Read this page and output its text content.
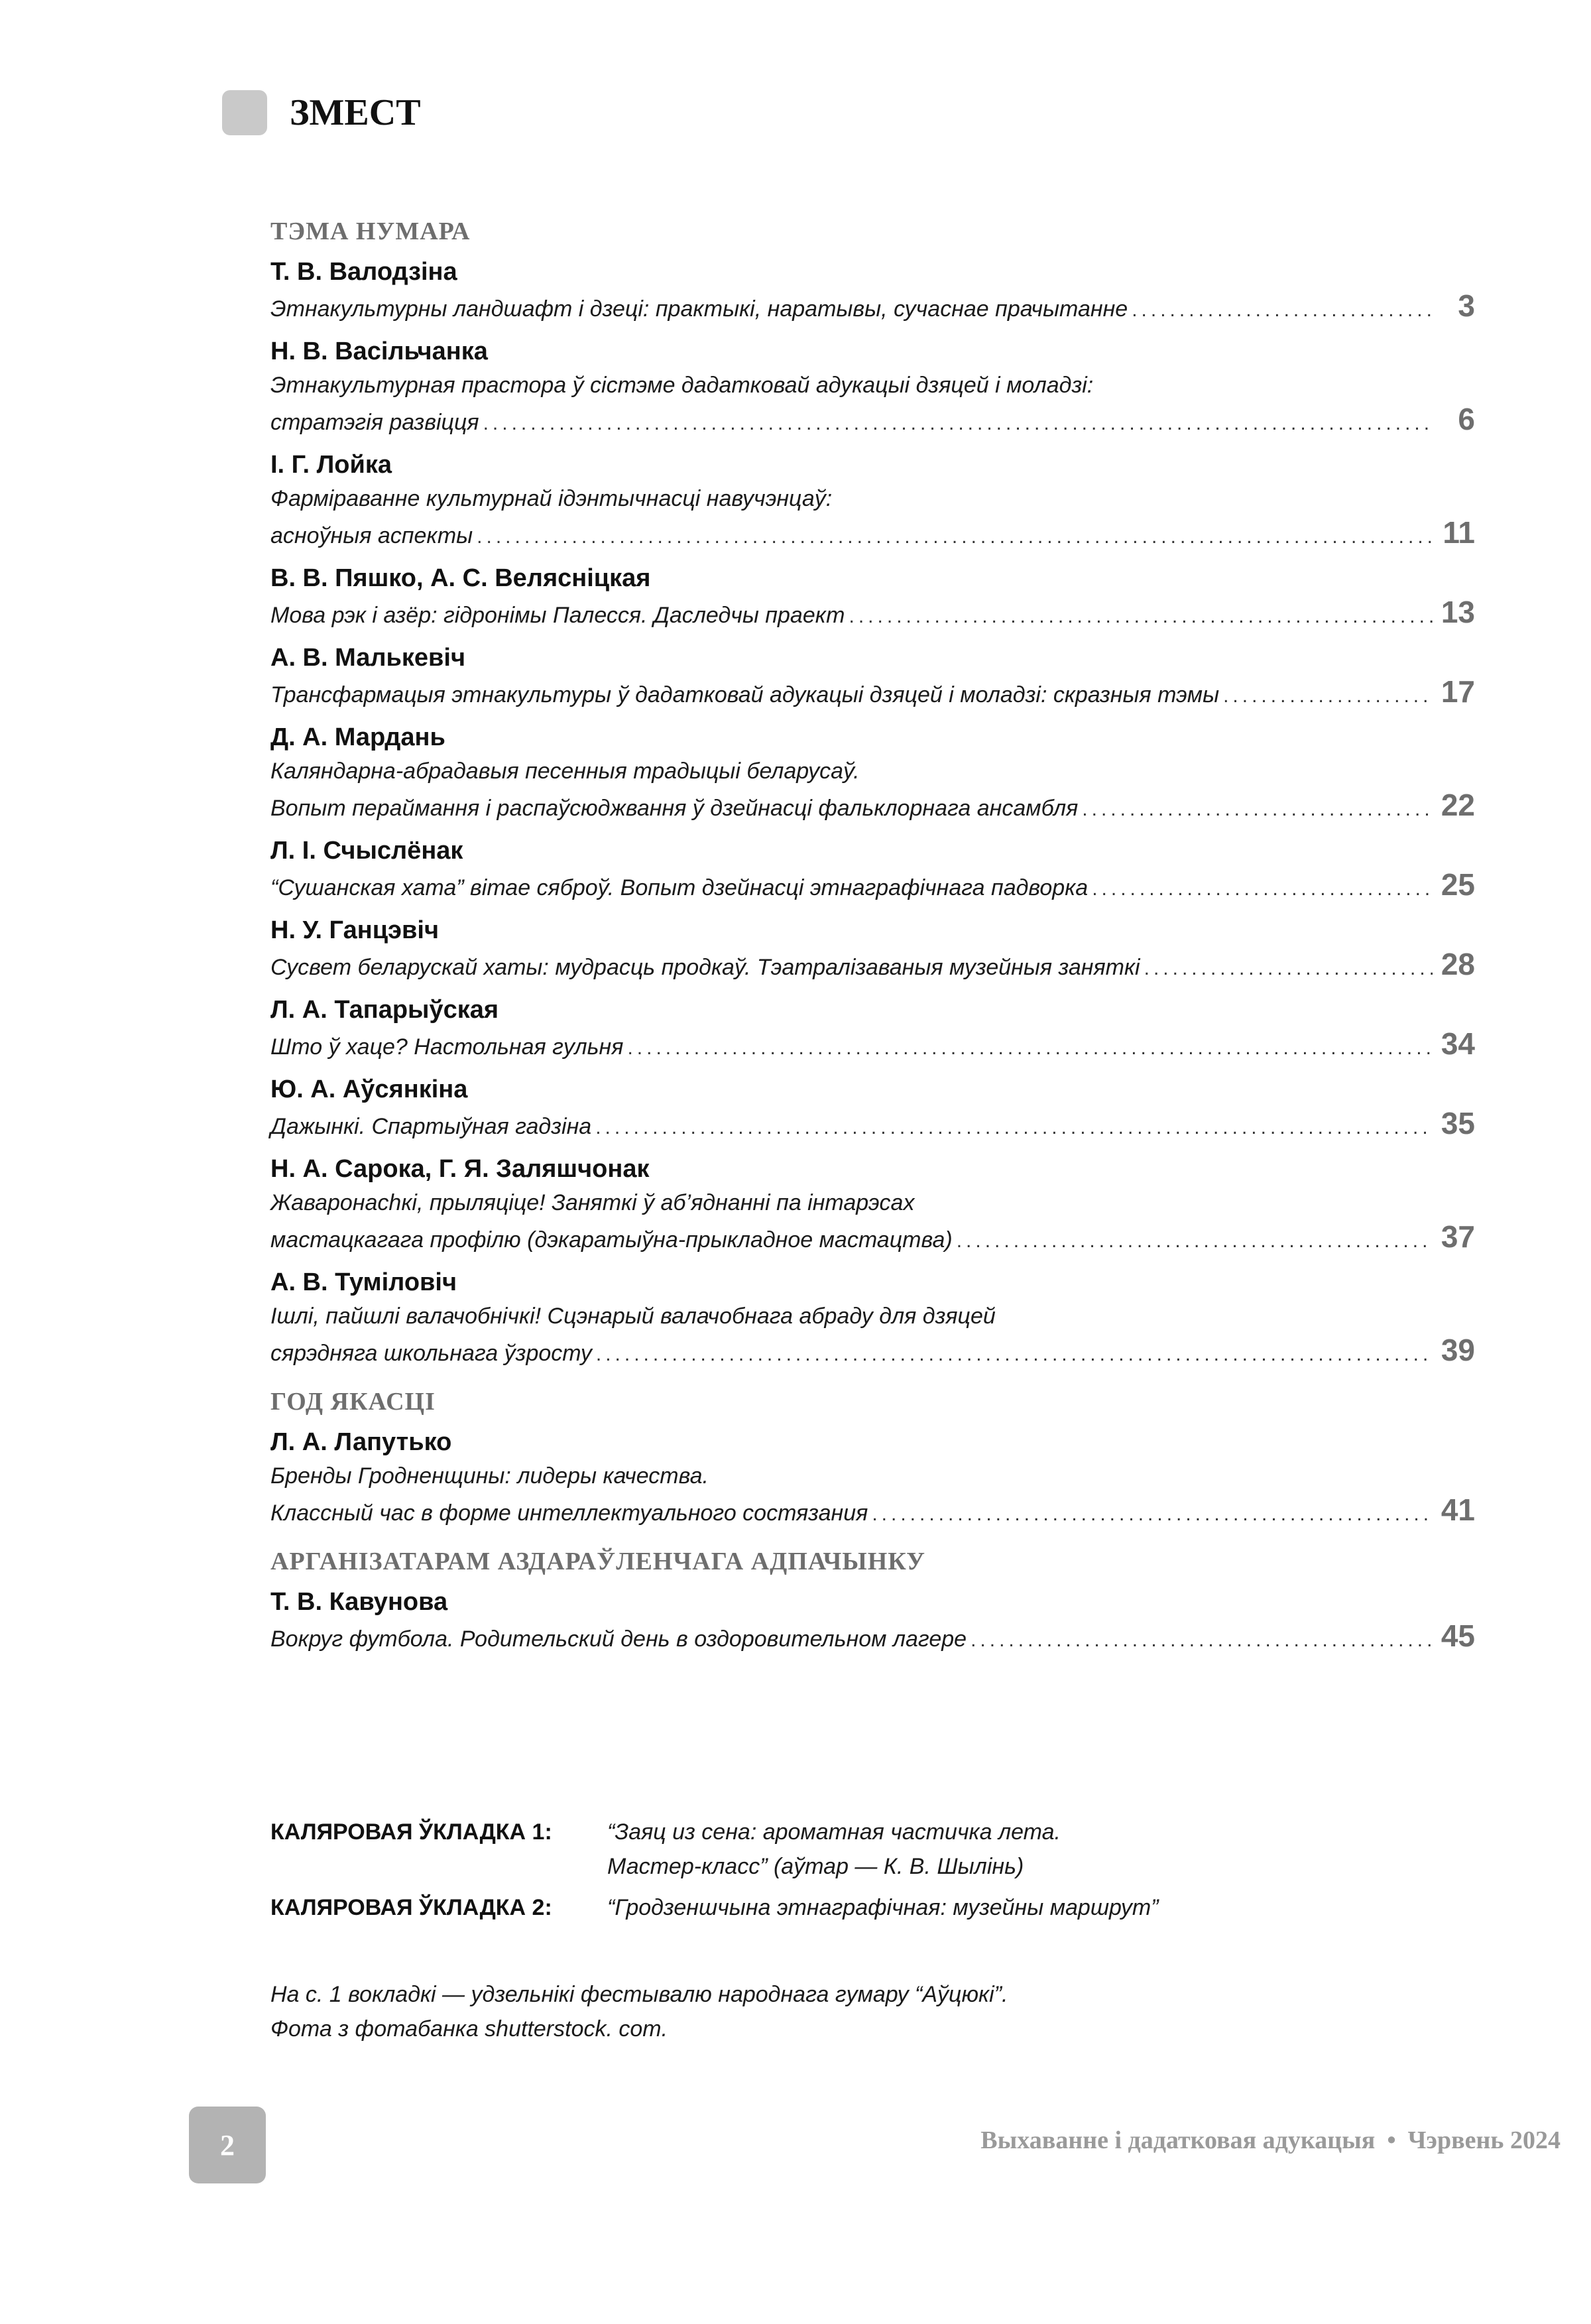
ЗМЕСТ
ТЭМА НУМАРА
Т. В. Валодзіна
Этнакультурны ландшафт і дзеці: практыкі, наратывы, сучаснае прачытанне .....	3
Н. В. Васільчанка
Этнакультурная прастора ў сістэме дадатковай адукацыі дзяцей і моладзі:
стратэгія развіцця .....	6
І. Г. Лойка
Фарміраванне культурнай ідэнтычнасці навучэнцаў:
асноўныя аспекты .....	11
В. В. Пяшко, А. С. Велясніцкая
Мова рэк і азёр: гідронімы Палесся. Даследчы праект .....	13
А. В. Малькевіч
Трансфармацыя этнакультуры ў дадатковай адукацыі дзяцей і моладзі: скразныя тэмы .....	17
Д. А. Мардань
Каляндарна-абрадавыя песенныя традыцыі беларусаў.
Вопыт пераймання і распаўсюджвання ў дзейнасці фальклорнага ансамбля .....	22
Л. І. Счыслёнак
“Сушанская хата” вітае сяброў. Вопыт дзейнасці этнаграфічнага падворка .....	25
Н. У. Ганцэвіч
Сусвет беларускай хаты: мудрасць продкаў. Тэатралізаваныя музейныя заняткі .....	28
Л. А. Тапарыўская
Што ў хаце? Настольная гульня .....	34
Ю. А. Аўсянкіна
Дажынкі. Спартыўная гадзіна .....	35
Н. А. Сарока, Г. Я. Заляшчонак
Жаваронachкі, прыляціце! Заняткі ў аб’яднанні па інтарэсах
мастацкагага профілю (дэкаратыўна-прыкладное мастацтва) .....	37
А. В. Туміловіч
Ішлі, пайшлі валачобнічкі! Сцэнарый валачобнага абраду для дзяцей
сярэдняга школьнага ўзросту .....	39
ГОД ЯКАСЦІ
Л. А. Лапутько
Бренды Гродненщины: лидеры качества.
Классный час в форме интеллектуального состязания .....	41
АРГАНІЗАТАРАМ АЗДАРАЎЛЕНЧАГА АДПАЧЫНКУ
Т. В. Кавунова
Вокруг футбола. Родительский день в оздоровительном лагере .....	45
КАЛЯРОВАЯ ЎКЛАДКА 1:	“Заяц из сена: ароматная частичка лета.
Мастер-класс” (аўтар — К. В. Шылінь)
КАЛЯРОВАЯ ЎКЛАДКА 2:	“Гродзеншчына этнаграфічная: музейны маршрут”
На с. 1 вокладкі — удзельнікі фестывалю народнага гумару “Аўцюкі”.
Фота з фотабанка shutterstock. com.
2	Выхаванне і дадатковая адукацыя • Чэрвень 2024
